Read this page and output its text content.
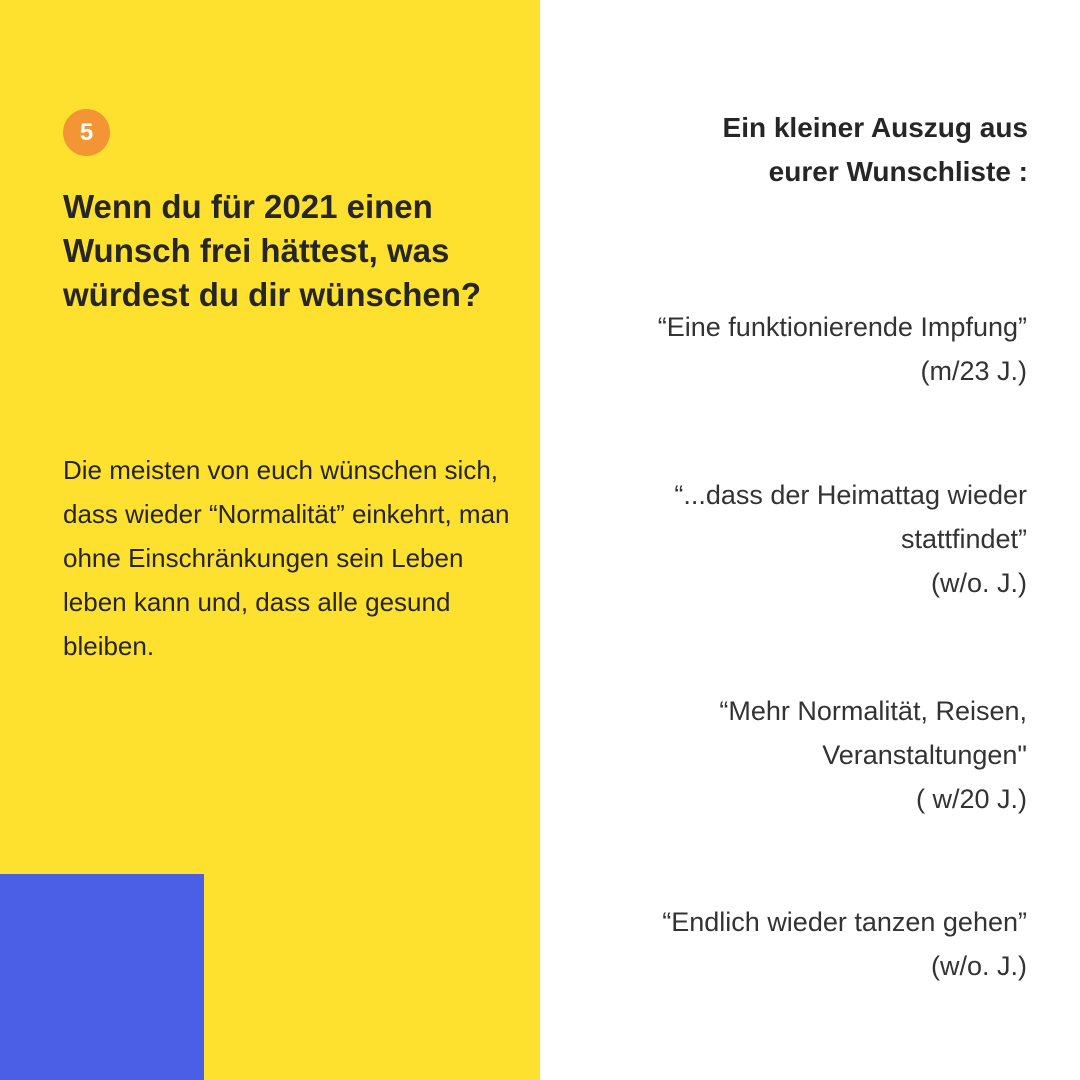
5
Wenn du für 2021 einen Wunsch frei hättest, was würdest du dir wünschen?

Die meisten von euch wünschen sich, dass wieder “Normalität” einkehrt, man ohne Einschränkungen sein Leben leben kann und, dass alle gesund bleiben.

Ein kleiner Auszug aus
eurer Wunschliste :

“Eine funktionierende Impfung”

(m/23 J.)

“...dass der Heimattag wieder

stattfindet”

(w/o. J.)

“Mehr Normalität, Reisen,

Veranstaltungen"

( w/20 J.)

“Endlich wieder tanzen gehen”

(w/o. J.)
